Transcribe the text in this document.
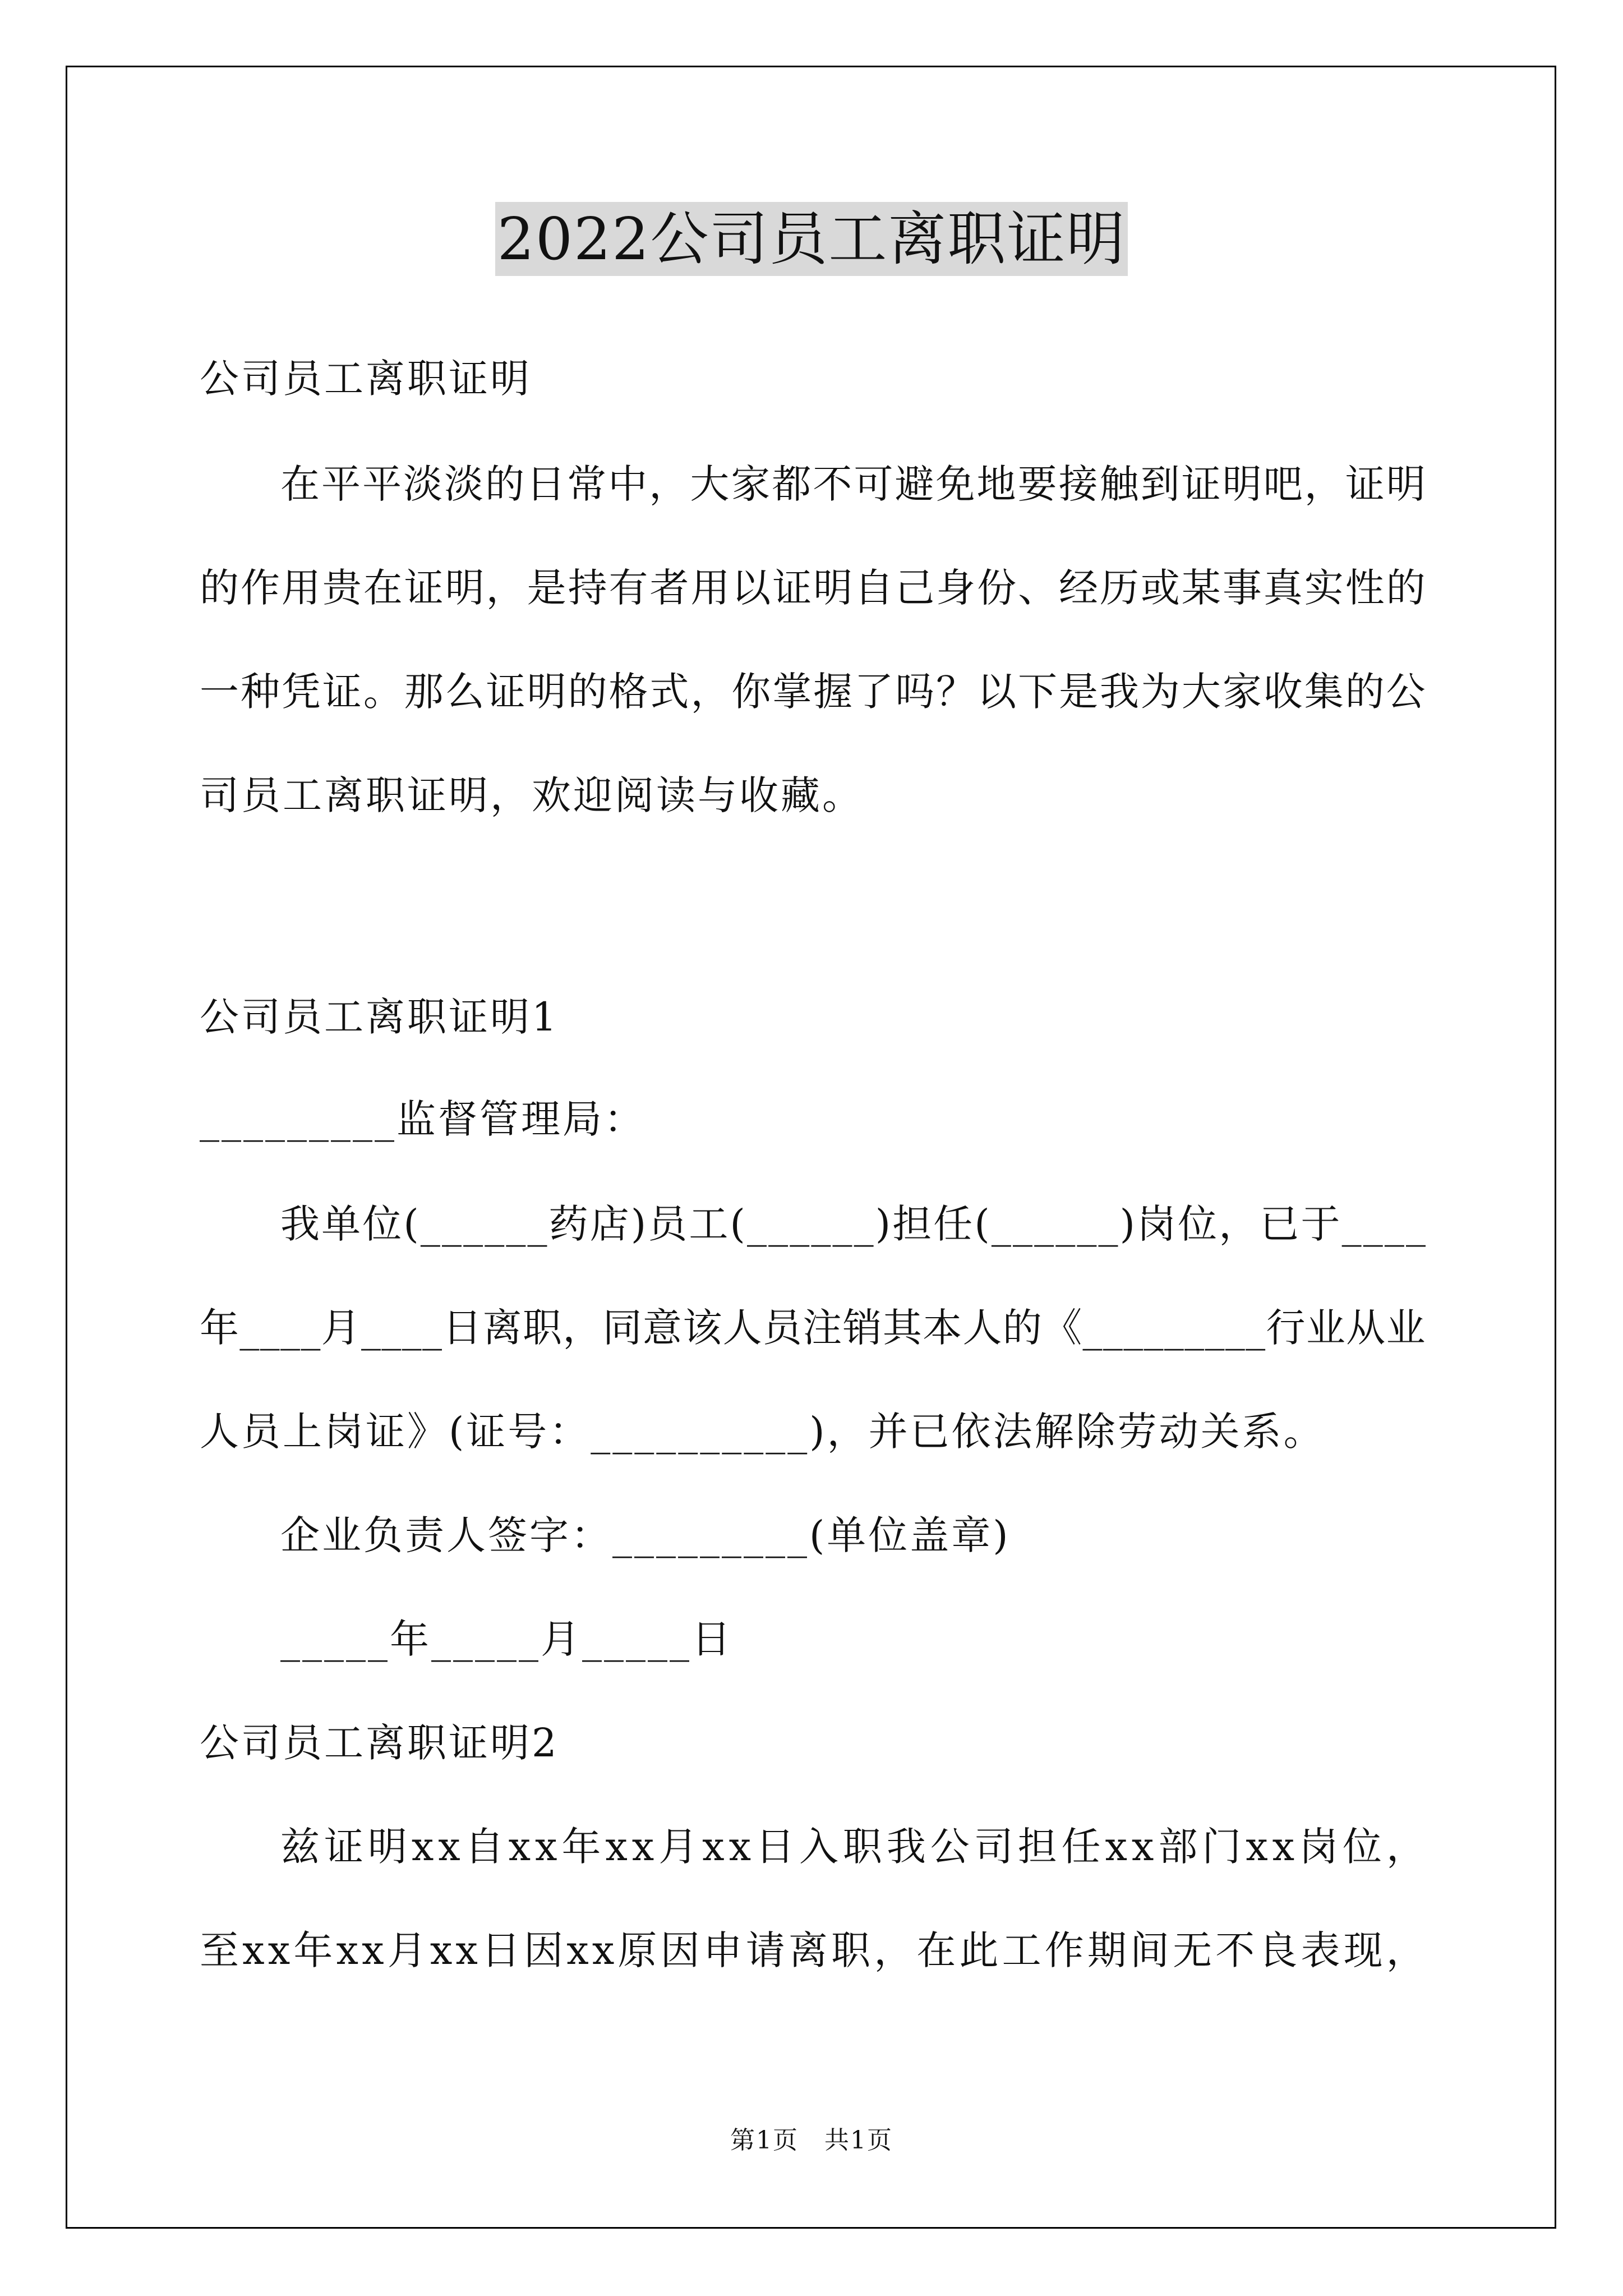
2022公司员工离职证明
公司员工离职证明
在 平 平 淡 淡 的 日 常 中 ， 大 家 都 不 可 避 免 地 要 接 触 到 证 明 吧 ， 证 明
的 作 用 贵 在 证 明 ， 是 持 有 者 用 以 证 明 自 己 身 份 、 经 历 或 某 事 真 实 性 的
一 种 凭 证 。 那 么 证 明 的 格 式 ， 你 掌 握 了 吗 ？ 以 下 是 我 为 大 家 收 集 的 公
司员工离职证明，欢迎阅读与收藏。
公司员工离职证明1
_________监督管理局：
我 单 位 ( _ _ _ _ _ _ 药 店 ) 员 工 ( _ _ _ _ _ _ ) 担 任 ( _ _ _ _ _ _ ) 岗 位 ， 已 于 _ _ _ _
年 _ _ _ _ 月 _ _ _ _ 日 离 职 ， 同 意 该 人 员 注 销 其 本 人 的 《 _ _ _ _ _ _ _ _ _ 行 业 从 业
人员上岗证》(证号：__________)，并已依法解除劳动关系。
企业负责人签字：_________(单位盖章)
_____年_____月_____日
公司员工离职证明2
兹 证 明 x x 自 x x 年 x x 月 x x 日 入 职 我 公 司 担 任 x x 部 门 x x 岗 位 ，
至 x x 年 x x 月 x x 日 因 x x 原 因 申 请 离 职 ， 在 此 工 作 期 间 无 不 良 表 现 ，
第1页　共1页
